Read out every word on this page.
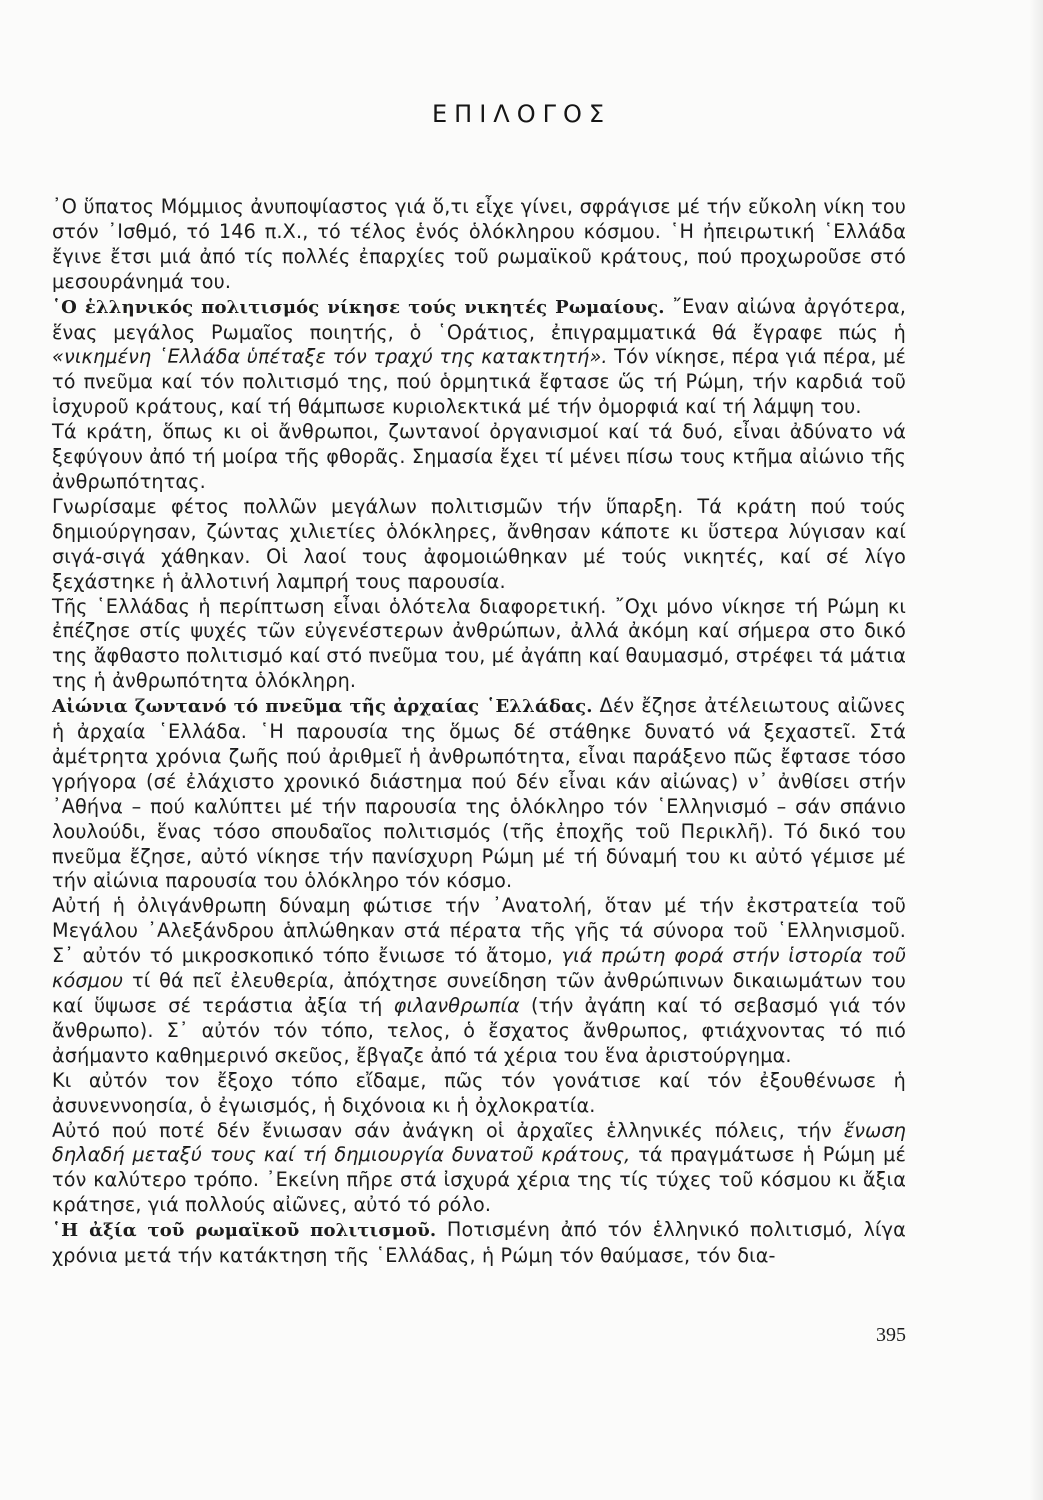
ΕΠΙΛΟΓΟΣ

᾿Ο ὕπατος Μόμμιος ἀνυποψίαστος γιά ὅ,τι εἶχε γίνει, σφράγισε μέ τήν εὔκολη νίκη του στόν ᾿Ισθμό, τό 146 π.Χ., τό τέλος ἑνός ὁλόκληρου κόσμου. ῾Η ἠπειρωτική ῾Ελλάδα ἔγινε ἔτσι μιά ἀπό τίς πολλές ἐπαρχίες τοῦ ρωμαϊκοῦ κράτους, πού προχωροῦσε στό μεσουράνημά του.

῾Ο ἑλληνικός πολιτισμός νίκησε τούς νικητές Ρωμαίους. ῎Εναν αἰώνα ἀργότερα, ἕνας μεγάλος Ρωμαῖος ποιητής, ὁ ῾Οράτιος, ἐπιγραμματικά θά ἔγραφε πώς ἡ «νικημένη ῾Ελλάδα ὑπέταξε τόν τραχύ της κατακτητή». Τόν νίκησε, πέρα γιά πέρα, μέ τό πνεῦμα καί τόν πολιτισμό της, πού ὁρμητικά ἔφτασε ὥς τή Ρώμη, τήν καρδιά τοῦ ἰσχυροῦ κράτους, καί τή θάμπωσε κυριολεκτικά μέ τήν ὀμορφιά καί τή λάμψη του.

Τά κράτη, ὅπως κι οἱ ἄνθρωποι, ζωντανοί ὀργανισμοί καί τά δυό, εἶναι ἀδύνατο νά ξεφύγουν ἀπό τή μοίρα τῆς φθορᾶς. Σημασία ἔχει τί μένει πίσω τους κτῆμα αἰώνιο τῆς ἀνθρωπότητας.

Γνωρίσαμε φέτος πολλῶν μεγάλων πολιτισμῶν τήν ὕπαρξη. Τά κράτη πού τούς δημιούργησαν, ζώντας χιλιετίες ὁλόκληρες, ἄνθησαν κάποτε κι ὕστερα λύγισαν καί σιγά-σιγά χάθηκαν. Οἱ λαοί τους ἀφομοιώθηκαν μέ τούς νικητές, καί σέ λίγο ξεχάστηκε ἡ ἀλλοτινή λαμπρή τους παρουσία.

Τῆς ῾Ελλάδας ἡ περίπτωση εἶναι ὁλότελα διαφορετική. ῎Οχι μόνο νίκησε τή Ρώμη κι ἐπέζησε στίς ψυχές τῶν εὐγενέστερων ἀνθρώπων, ἀλλά ἀκόμη καί σήμερα στο δικό της ἄφθαστο πολιτισμό καί στό πνεῦμα του, μέ ἀγάπη καί θαυμασμό, στρέφει τά μάτια της ἡ ἀνθρωπότητα ὁλόκληρη.

Αἰώνια ζωντανό τό πνεῦμα τῆς ἀρχαίας ῾Ελλάδας. Δέν ἔζησε ἀτέλειωτους αἰῶνες ἡ ἀρχαία ῾Ελλάδα. ῾Η παρουσία της ὅμως δέ στάθηκε δυνατό νά ξεχαστεῖ. Στά ἀμέτρητα χρόνια ζωῆς πού ἀριθμεῖ ἡ ἀνθρωπότητα, εἶναι παράξενο πῶς ἔφτασε τόσο γρήγορα (σέ ἐλάχιστο χρονικό διάστημα πού δέν εἶναι κάν αἰώνας) ν᾿ ἀνθίσει στήν ᾿Αθήνα – πού καλύπτει μέ τήν παρουσία της ὁλόκληρο τόν ῾Ελληνισμό – σάν σπάνιο λουλούδι, ἕνας τόσο σπουδαῖος πολιτισμός (τῆς ἐποχῆς τοῦ Περικλῆ). Τό δικό του πνεῦμα ἔζησε, αὐτό νίκησε τήν πανίσχυρη Ρώμη μέ τή δύναμή του κι αὐτό γέμισε μέ τήν αἰώνια παρουσία του ὁλόκληρο τόν κόσμο.

Αὐτή ἡ ὀλιγάνθρωπη δύναμη φώτισε τήν ᾿Ανατολή, ὅταν μέ τήν ἐκστρατεία τοῦ Μεγάλου ᾿Αλεξάνδρου ἁπλώθηκαν στά πέρατα τῆς γῆς τά σύνορα τοῦ ῾Ελληνισμοῦ. Σ᾿ αὐτόν τό μικροσκοπικό τόπο ἔνιωσε τό ἄτομο, γιά πρώτη φορά στήν ἱστορία τοῦ κόσμου τί θά πεῖ ἐλευθερία, ἀπόχτησε συνείδηση τῶν ἀνθρώπινων δικαιωμάτων του καί ὕψωσε σέ τεράστια ἀξία τή φιλανθρωπία (τήν ἀγάπη καί τό σεβασμό γιά τόν ἄνθρωπο). Σ᾿ αὐτόν τόν τόπο, τελος, ὁ ἔσχατος ἄνθρωπος, φτιάχνοντας τό πιό ἀσήμαντο καθημερινό σκεῦος, ἔβγαζε ἀπό τά χέρια του ἕνα ἀριστούργημα.

Κι αὐτόν τον ἔξοχο τόπο εἴδαμε, πῶς τόν γονάτισε καί τόν ἐξουθένωσε ἡ ἀσυνεννοησία, ὁ ἐγωισμός, ἡ διχόνοια κι ἡ ὀχλοκρατία.

Αὐτό πού ποτέ δέν ἔνιωσαν σάν ἀνάγκη οἱ ἀρχαῖες ἑλληνικές πόλεις, τήν ἕνωση δηλαδή μεταξύ τους καί τή δημιουργία δυνατοῦ κράτους, τά πραγμάτωσε ἡ Ρώμη μέ τόν καλύτερο τρόπο. ᾿Εκείνη πῆρε στά ἰσχυρά χέρια της τίς τύχες τοῦ κόσμου κι ἄξια κράτησε, γιά πολλούς αἰῶνες, αὐτό τό ρόλο.

῾Η ἀξία τοῦ ρωμαϊκοῦ πολιτισμοῦ. Ποτισμένη ἀπό τόν ἑλληνικό πολιτισμό, λίγα χρόνια μετά τήν κατάκτηση τῆς ῾Ελλάδας, ἡ Ρώμη τόν θαύμασε, τόν δια-

395
